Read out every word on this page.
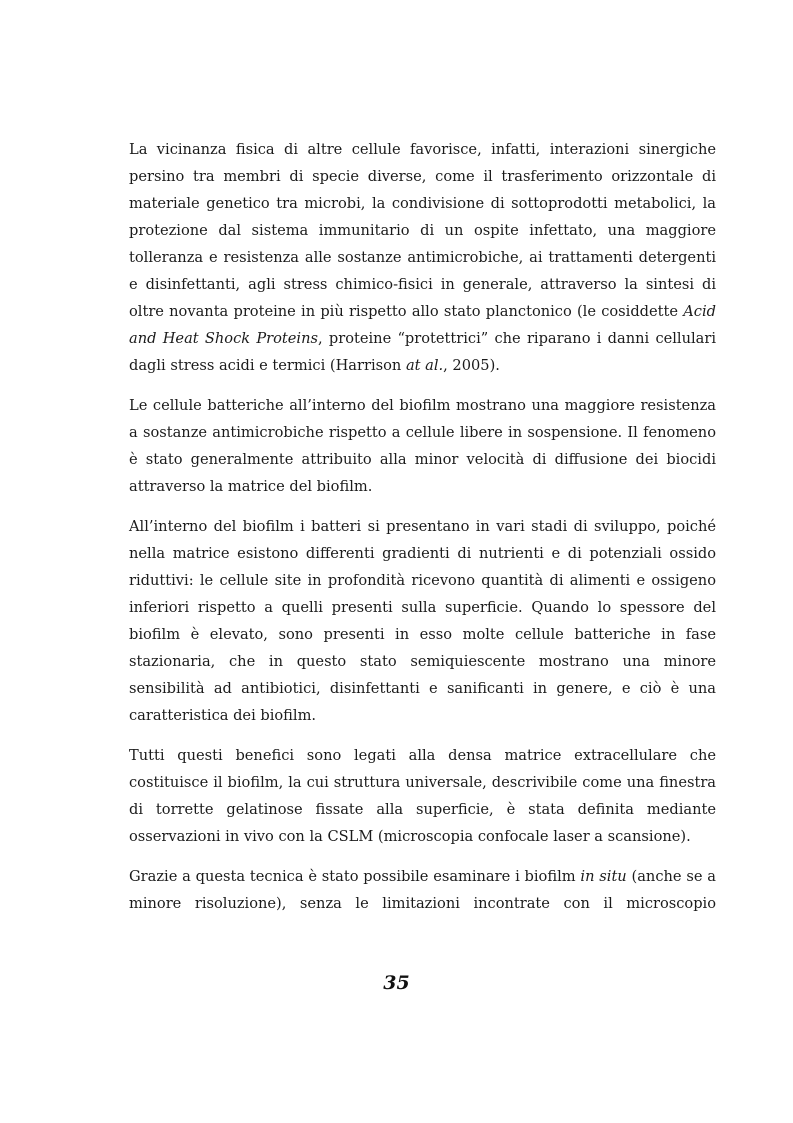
La vicinanza fisica di altre cellule favorisce, infatti, interazioni sinergiche persino tra membri di specie diverse, come il trasferimento orizzontale di materiale genetico tra microbi, la condivisione di sottoprodotti metabolici, la protezione dal sistema immunitario di un ospite infettato, una maggiore tolleranza e resistenza alle sostanze antimicrobiche, ai trattamenti detergenti e disinfettanti, agli stress chimico-fisici in generale, attraverso la sintesi di oltre novanta proteine in più rispetto allo stato planctonico (le cosiddette Acid and Heat Shock Proteins, proteine “protettrici” che riparano i danni cellulari dagli stress acidi e termici (Harrison at al., 2005).

Le cellule batteriche all’interno del biofilm mostrano una maggiore resistenza a sostanze antimicrobiche rispetto a cellule libere in sospensione. Il fenomeno è stato generalmente attribuito alla minor velocità di diffusione dei biocidi attraverso la matrice del biofilm.

All’interno del biofilm i batteri si presentano in vari stadi di sviluppo, poiché nella matrice esistono differenti gradienti di nutrienti e di potenziali ossido riduttivi: le cellule site in profondità ricevono quantità di alimenti e ossigeno inferiori rispetto a quelli presenti sulla superficie. Quando lo spessore del biofilm è elevato, sono presenti in esso molte cellule batteriche in fase stazionaria, che in questo stato semiquiescente mostrano una minore sensibilità ad antibiotici, disinfettanti e sanificanti in genere, e ciò è una caratteristica dei biofilm.

Tutti questi benefici sono legati alla densa matrice extracellulare che costituisce il biofilm, la cui struttura universale, descrivibile come una finestra di torrette gelatinose fissate alla superficie, è stata definita mediante osservazioni in vivo con la CSLM (microscopia confocale laser a scansione).

Grazie a questa tecnica è stato possibile esaminare i biofilm in situ (anche se a minore risoluzione), senza le limitazioni incontrate con il microscopio

35
